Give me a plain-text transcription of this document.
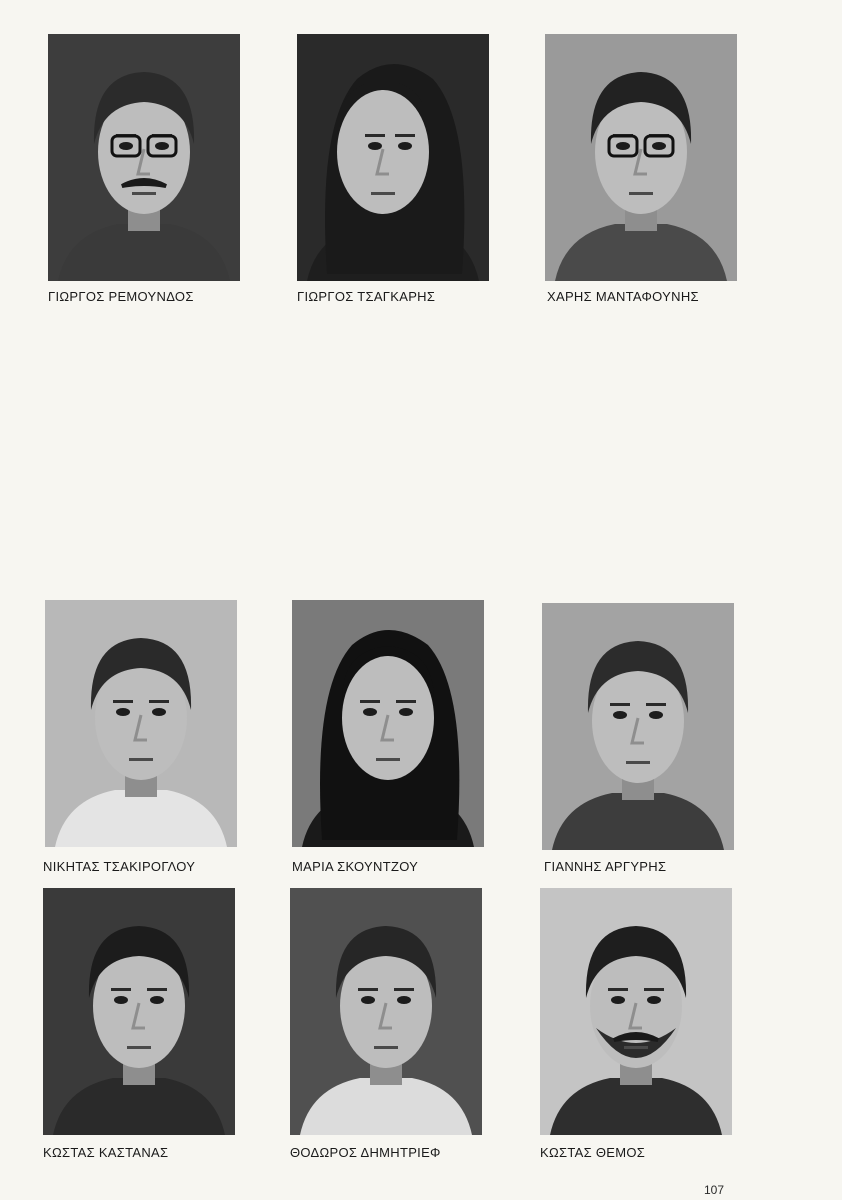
ΓΙΩΡΓΟΣ ΡΕΜΟΥΝΔΟΣ	ΓΙΩΡΓΟΣ ΤΣΑΓΚΑΡΗΣ	ΧΑΡΗΣ ΜΑΝΤΑΦΟΥΝΗΣ
ΝΙΚΗΤΑΣ ΤΣΑΚΙΡΟΓΛΟΥ	ΜΑΡΙΑ ΣΚΟΥΝΤΖΟΥ	ΓΙΑΝΝΗΣ ΑΡΓΥΡΗΣ
ΚΩΣΤΑΣ ΚΑΣΤΑΝΑΣ	ΘΟΔΩΡΟΣ ΔΗΜΗΤΡΙΕΦ	ΚΩΣΤΑΣ ΘΕΜΟΣ
107
